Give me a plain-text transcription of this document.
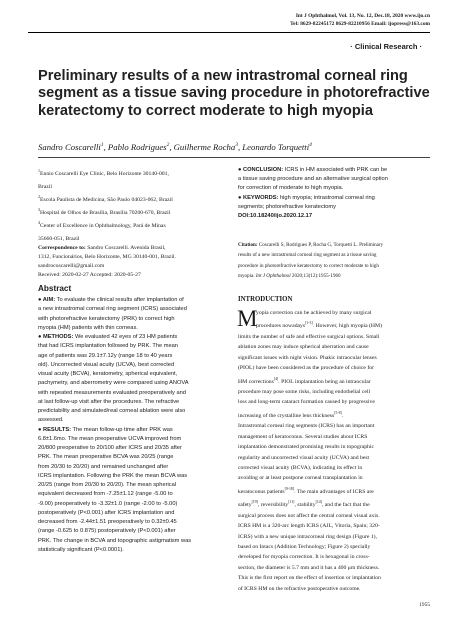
Int J Ophthalmol, Vol. 13, No. 12, Dec.18, 2020 www.ijo.cn
Tel: 8629-82245172 8629-82210956 Email: ijopress@163.com
· Clinical Research ·
Preliminary results of a new intrastromal corneal ring
segment as a tissue saving procedure in photorefractive
keratectomy to correct moderate to high myopia
Sandro Coscarelli$^1$, Pablo Rodrigues$^2$, Guilherme Rocha$^3$, Leonardo Torquetti$^4$
$^1$Ennio Coscarelli Eye Clinic, Belo Horizonte 30140-001,
Brazil
$^2$Escola Paulista de Medicina, São Paulo 04023-062, Brazil
$^3$Hospital de Olhos de Brasília, Brasília 70200-670, Brazil
$^4$Center of Excellence in Ophthalmology, Pará de Minas
35660-051, Brazil
Correspondence to: Sandro Coscarelli. Avenida Brasil,
1312, Funcionários, Belo Horizonte, MG 30140-001, Brazil.
sandrocoscarelli@gmail.com
Received: 2020-02-27 Accepted: 2020-05-27
Abstract
● AIM: To evaluate the clinical results after implantation of
a new intrastromal corneal ring segment (ICRS) associated
with photorefractive keratectomy (PRK) to correct high
myopia (HM) patients with thin corneas.
● METHODS: We evaluated 42 eyes of 23 HM patients
that had ICRS implantation followed by PRK. The mean
age of patients was 29.1±7.12y (range 18 to 40 years
old). Uncorrected visual acuity (UCVA), best corrected
visual acuity (BCVA), keratometry, spherical equivalent,
pachymetry, and aberrometry were compared using ANOVA
with repeated measurements evaluated preoperatively and
at last follow-up visit after the procedures. The refractive
predictability and simulated/real corneal ablation were also
assessed.
● RESULTS: The mean follow-up time after PRK was
6.8±1.6mo. The mean preoperative UCVA improved from
20/800 preoperative to 20/100 after ICRS and 20/35 after
PRK. The mean preoperative BCVA was 20/25 (range
from 20/30 to 20/20) and remained unchanged after
ICRS implantation. Following the PRK the mean BCVA was
20/25 (range from 20/30 to 20/20). The mean spherical
equivalent decreased from -7.25±1.12 (range -5.00 to
-9.00) preoperatively to -3.32±1.0 (range -2.00 to -5.00)
postoperatively (P<0.001) after ICRS implantation and
decreased from -2.44±1.51 preoperatively to 0.32±0.45
(range -0.625 to 0.875) postoperatively (P<0.001) after
PRK. The change in BCVA and topographic astigmatism was
statistically significant (P<0.0001).
● CONCLUSION: ICRS in HM associated with PRK can be
a tissue saving procedure and an alternative surgical option
for correction of moderate to high myopia.
● KEYWORDS: high myopia; intrastromal corneal ring
segments; photorefractive keratectomy
DOI:10.18240/ijo.2020.12.17
Citation: Coscarelli S, Rodrigues P, Rocha G, Torquetti L. Preliminary
results of a new intrastromal corneal ring segment as a tissue saving
procedure in photorefractive keratectomy to correct moderate to high
myopia. Int J Ophthalmol 2020;13(12):1955-1960
INTRODUCTION
M
yopia correction can be achieved by many surgical
procedures nowadays[1-3]. However, high myopia (HM)
limits the number of safe and effective surgical options. Small
ablation zones may induce spherical aberration and cause
significant issues with night vision. Phakic intraocular lenses
(PIOL) have been considered as the procedure of choice for
HM corrections[4]. PIOL implantation being an intraocular
procedure may pose some risks, including endothelial cell
loss and long-term cataract formation caused by progressive
increasing of the crystalline lens thickness[5-8].
Intrastromal corneal ring segments (ICRS) has an important
management of keratoconus. Several studies about ICRS
implantation demonstrated promising results in topographic
regularity and uncorrected visual acuity (UCVA) and best
corrected visual acuity (BCVA), indicating its effect in
avoiding or at least postpone corneal transplantation in
keratoconus patients[9-18]. The main advantages of ICRS are
safety[19], reversibility[11], stability[14], and the fact that the
surgical process does not affect the central corneal visual axis.
ICRS HM is a 320-arc length ICRS (AJL, Vitoria, Spain; 320-
ICRS) with a new unique intracorneal ring design (Figure 1),
based on Intacs (Addition Technology; Figure 2) specially
developed for myopia correction. It is hexagonal in cross-
section, the diameter is 5.7 mm and it has a 400 μm thickness.
This is the first report on the effect of insertion or implantation
of ICRS HM on the refractive postoperative outcome.
1955
